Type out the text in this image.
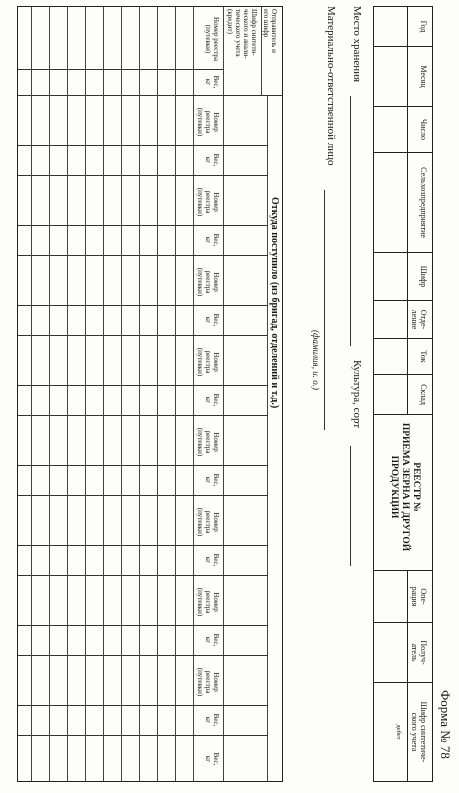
Форма № 78
Год
Месяц
Число
Сельхозпредприятие
Шифр
Отде-
ление
Ток
Склад
Опе-
рация
Получ-
атель
Шифр синтетиче-
ского учета
дебет
РЕЕСТР №
ПРИЕМА ЗЕРНА И ДРУГОЙ
ПРОДУКЦИИ
Место хранения
Культура, сорт
Материально-ответственной лицо
(фамилия, и. о.)
Откуда поступило (из бригад, отделений и т.д.)
Отправитель и
его шифр
Шифр синтети-
ческого и анали-
тического учета
(кредит)
Номер реестра
(путевки)
Вес,
кг
Номер
реестра
(путевки)
Вес,
кг
Номер
реестра
(путевки)
Вес,
кг
Номер
реестра
(путевки)
Вес,
кг
Номер
реестра
(путевки)
Вес,
кг
Номер
реестра
(путевки)
Вес,
кг
Номер
реестра
(путевки)
Вес,
кг
Номер
реестра
(путевки)
Вес,
кг
Номер
реестра
(путевки)
Вес,
кг
Вес,
кг
